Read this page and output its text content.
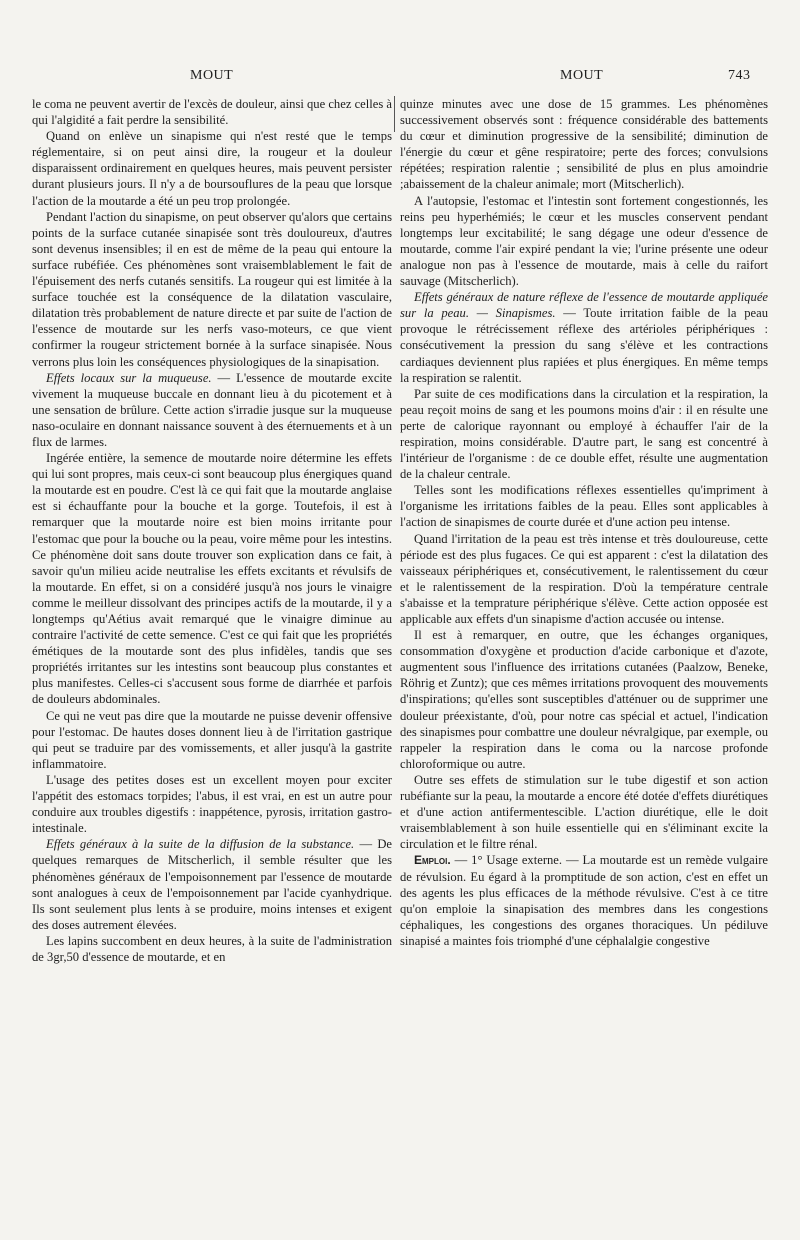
MOUT	MOUT	743

le coma ne peuvent avertir de l'excès de douleur, ainsi que chez celles à qui l'algidité a fait perdre la sensibilité.

Quand on enlève un sinapisme qui n'est resté que le temps réglementaire, si on peut ainsi dire, la rougeur et la douleur disparaissent ordinairement en quelques heures, mais peuvent persister durant plusieurs jours. Il n'y a de boursouflures de la peau que lorsque l'action de la moutarde a été un peu trop prolongée.

Pendant l'action du sinapisme, on peut observer qu'alors que certains points de la surface cutanée sinapisée sont très douloureux, d'autres sont devenus insensibles; il en est de même de la peau qui entoure la surface rubéfiée. Ces phénomènes sont vraisemblablement le fait de l'épuisement des nerfs cutanés sensitifs. La rougeur qui est limitée à la surface touchée est la conséquence de la dilatation vasculaire, dilatation très probablement de nature directe et par suite de l'action de l'essence de moutarde sur les nerfs vaso-moteurs, ce que vient confirmer la rougeur strictement bornée à la surface sinapisée. Nous verrons plus loin les conséquences physiologiques de la sinapisation.

Effets locaux sur la muqueuse. — L'essence de moutarde excite vivement la muqueuse buccale en donnant lieu à du picotement et à une sensation de brûlure. Cette action s'irradie jusque sur la muqueuse naso-oculaire en donnant naissance souvent à des éternuements et à un flux de larmes.

Ingérée entière, la semence de moutarde noire détermine les effets qui lui sont propres, mais ceux-ci sont beaucoup plus énergiques quand la moutarde est en poudre. C'est là ce qui fait que la moutarde anglaise est si échauffante pour la bouche et la gorge. Toutefois, il est à remarquer que la moutarde noire est bien moins irritante pour l'estomac que pour la bouche ou la peau, voire même pour les intestins. Ce phénomène doit sans doute trouver son explication dans ce fait, à savoir qu'un milieu acide neutralise les effets excitants et révulsifs de la moutarde. En effet, si on a considéré jusqu'à nos jours le vinaigre comme le meilleur dissolvant des principes actifs de la moutarde, il y a longtemps qu'Aétius avait remarqué que le vinaigre diminue au contraire l'activité de cette semence. C'est ce qui fait que les propriétés émétiques de la moutarde sont des plus infidèles, tandis que ses propriétés irritantes sur les intestins sont beaucoup plus constantes et plus manifestes. Celles-ci s'accusent sous forme de diarrhée et parfois de douleurs abdominales.

Ce qui ne veut pas dire que la moutarde ne puisse devenir offensive pour l'estomac. De hautes doses donnent lieu à de l'irritation gastrique qui peut se traduire par des vomissements, et aller jusqu'à la gastrite inflammatoire.

L'usage des petites doses est un excellent moyen pour exciter l'appétit des estomacs torpides; l'abus, il est vrai, en est un autre pour conduire aux troubles digestifs : inappétence, pyrosis, irritation gastro-intestinale.

Effets généraux à la suite de la diffusion de la substance. — De quelques remarques de Mitscherlich, il semble résulter que les phénomènes généraux de l'empoisonnement par l'essence de moutarde sont analogues à ceux de l'empoisonnement par l'acide cyanhydrique. Ils sont seulement plus lents à se produire, moins intenses et exigent des doses autrement élevées.

Les lapins succombent en deux heures, à la suite de l'administration de 3gr,50 d'essence de moutarde, et en

quinze minutes avec une dose de 15 grammes. Les phénomènes successivement observés sont : fréquence considérable des battements du cœur et diminution progressive de la sensibilité; diminution de l'énergie du cœur et gêne respiratoire; perte des forces; convulsions répétées; respiration ralentie ; sensibilité de plus en plus amoindrie ;abaissement de la chaleur animale; mort (Mitscherlich).

A l'autopsie, l'estomac et l'intestin sont fortement congestionnés, les reins peu hyperhémiés; le cœur et les muscles conservent pendant longtemps leur excitabilité; le sang dégage une odeur d'essence de moutarde, comme l'air expiré pendant la vie; l'urine présente une odeur analogue non pas à l'essence de moutarde, mais à celle du raifort sauvage (Mitscherlich).

Effets généraux de nature réflexe de l'essence de moutarde appliquée sur la peau. — Sinapismes. — Toute irritation faible de la peau provoque le rétrécissement réflexe des artérioles périphériques : consécutivement la pression du sang s'élève et les contractions cardiaques deviennent plus rapiées et plus énergiques. En même temps la respiration se ralentit.

Par suite de ces modifications dans la circulation et la respiration, la peau reçoit moins de sang et les poumons moins d'air : il en résulte une perte de calorique rayonnant ou employé à échauffer l'air de la respiration, moins considérable. D'autre part, le sang est concentré à l'intérieur de l'organisme : de ce double effet, résulte une augmentation de la chaleur centrale.

Telles sont les modifications réflexes essentielles qu'impriment à l'organisme les irritations faibles de la peau. Elles sont applicables à l'action de sinapismes de courte durée et d'une action peu intense.

Quand l'irritation de la peau est très intense et très douloureuse, cette période est des plus fugaces. Ce qui est apparent : c'est la dilatation des vaisseaux périphériques et, consécutivement, le ralentissement du cœur et le ralentissement de la respiration. D'où la température centrale s'abaisse et la temprature périphérique s'élève. Cette action opposée est applicable aux effets d'un sinapisme d'action accusée ou intense.

Il est à remarquer, en outre, que les échanges organiques, consommation d'oxygène et production d'acide carbonique et d'azote, augmentent sous l'influence des irritations cutanées (Paalzow, Beneke, Röhrig et Zuntz); que ces mêmes irritations provoquent des mouvements d'inspirations; qu'elles sont susceptibles d'atténuer ou de supprimer une douleur préexistante, d'où, pour notre cas spécial et actuel, l'indication des sinapismes pour combattre une douleur névralgique, par exemple, ou rappeler la respiration dans le coma ou la narcose profonde chloroformique ou autre.

Outre ses effets de stimulation sur le tube digestif et son action rubéfiante sur la peau, la moutarde a encore été dotée d'effets diurétiques et d'une action antifermentescible. L'action diurétique, elle le doit vraisemblablement à son huile essentielle qui en s'éliminant excite la circulation et le filtre rénal.

Emploi. — 1° Usage externe. — La moutarde est un remède vulgaire de révulsion. Eu égard à la promptitude de son action, c'est en effet un des agents les plus efficaces de la méthode révulsive. C'est à ce titre qu'on emploie la sinapisation des membres dans les congestions céphaliques, les congestions des organes thoraciques. Un pédiluve sinapisé a maintes fois triomphé d'une céphalalgie congestive
